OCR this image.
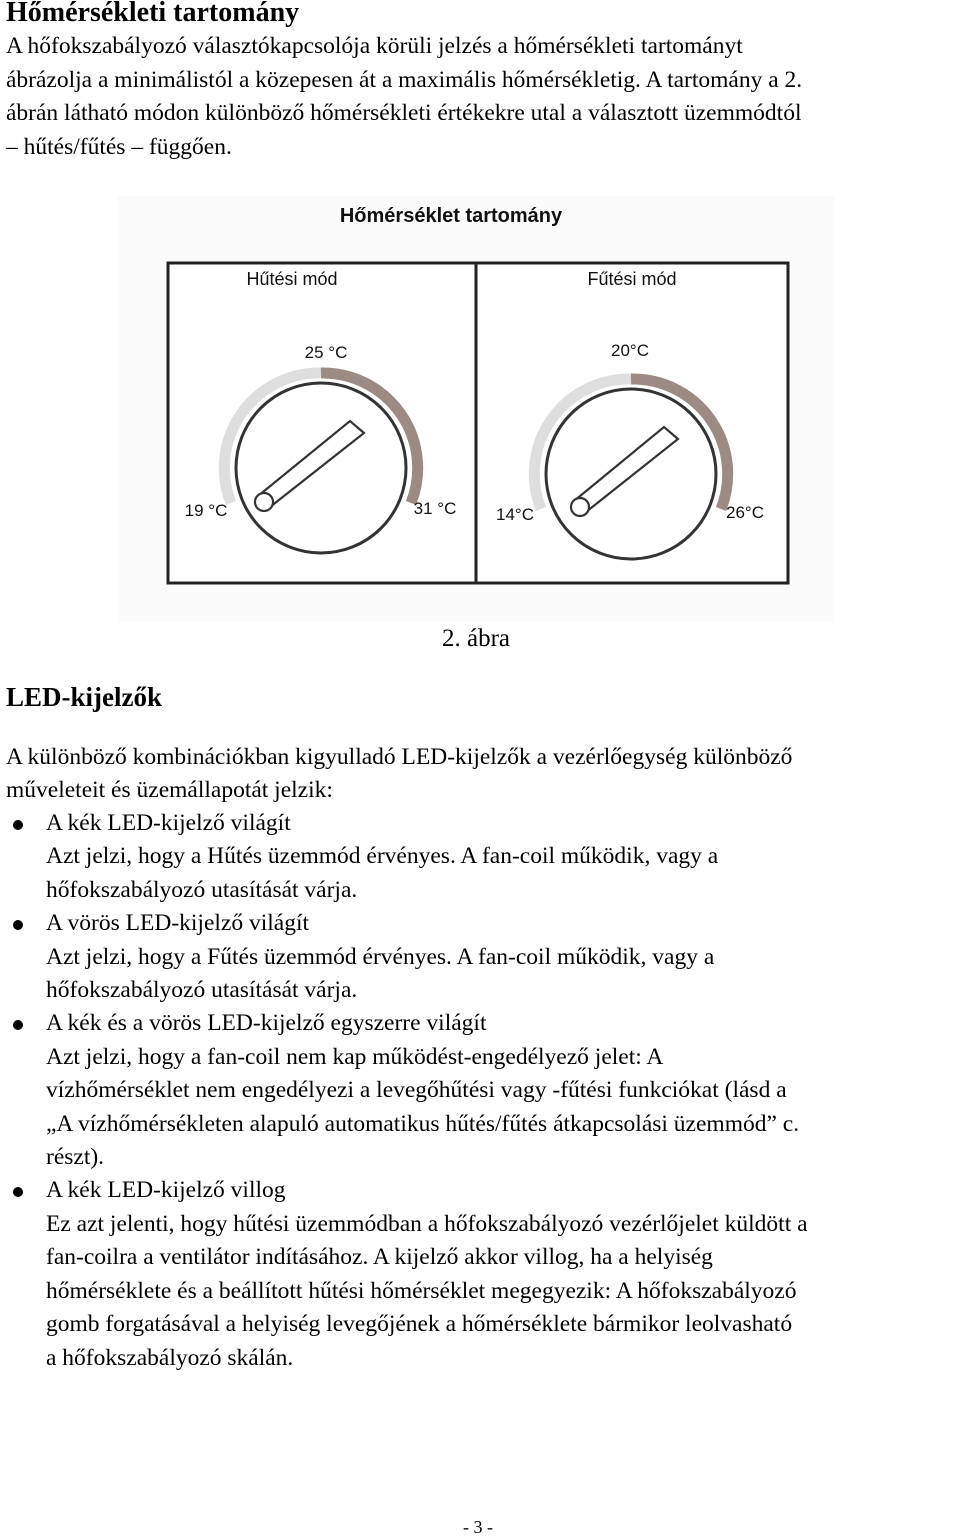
Hőmérsékleti tartomány

A hőfokszabályozó választókapcsolója körüli jelzés a hőmérsékleti tartományt
ábrázolja a minimálistól a közepesen át a maximális hőmérsékletig. A tartomány a 2.
ábrán látható módon különböző hőmérsékleti értékekre utal a választott üzemmódtól
– hűtés/fűtés – függően.

Hőmérséklet tartomány
Hűtési mód
25 °C
19 °C	31 °C
Fűtési mód
20°C
14°C	26°C

2. ábra

LED-kijelzők

A különböző kombinációkban kigyulladó LED-kijelzők a vezérlőegység különböző
műveleteit és üzemállapotát jelzik:

A kék LED-kijelző világít
Azt jelzi, hogy a Hűtés üzemmód érvényes. A fan-coil működik, vagy a
hőfokszabályozó utasítását várja.
A vörös LED-kijelző világít
Azt jelzi, hogy a Fűtés üzemmód érvényes. A fan-coil működik, vagy a
hőfokszabályozó utasítását várja.
A kék és a vörös LED-kijelző egyszerre világít
Azt jelzi, hogy a fan-coil nem kap működést-engedélyező jelet: A
vízhőmérséklet nem engedélyezi a levegőhűtési vagy -fűtési funkciókat (lásd a
„A vízhőmérsékleten alapuló automatikus hűtés/fűtés átkapcsolási üzemmód” c.
részt).
A kék LED-kijelző villog
Ez azt jelenti, hogy hűtési üzemmódban a hőfokszabályozó vezérlőjelet küldött a
fan-coilra a ventilátor indításához. A kijelző akkor villog, ha a helyiség
hőmérséklete és a beállított hűtési hőmérséklet megegyezik: A hőfokszabályozó
gomb forgatásával a helyiség levegőjének a hőmérséklete bármikor leolvasható
a hőfokszabályozó skálán.

- 3 -
